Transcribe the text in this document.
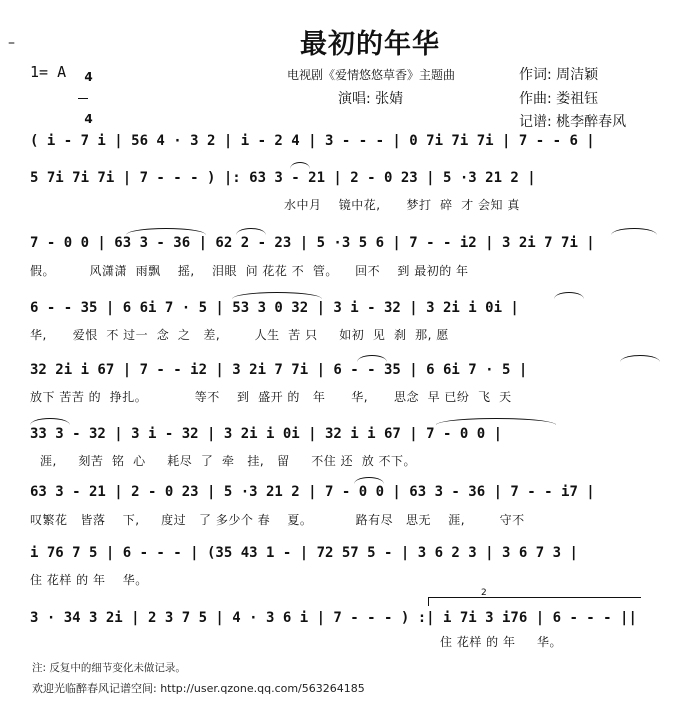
–	最初的年华
1= A	4

4

电视剧《爱情悠悠草香》主题曲	作词: 周洁颖
演唱: 张婧	作曲: 娄祖钰
记谱: 桃李醉春风
( i - 7 i | 56 4 · 3 2 | i - 2 4 | 3 - - - | 0 7i 7i 7i | 7 - - 6 |
5 7i 7i 7i | 7 - - - ) |: 63 3 - 21 | 2 - 0 23 | 5 ·3 21 2 |
水中月    镜中花,      梦打  碎  才 会知 真
7 - 0 0 | 63 3 - 36 | 62 2 - 23 | 5 ·3 5 6 | 7 - - i2 | 3 2i 7 7i |
假。        风潇潇  雨飘    摇,    泪眼  问 花花 不  管。    回不    到 最初的 年
6 - - 35 | 6 6i 7 · 5 | 53 3 0 32 | 3 i - 32 | 3 2i i 0i |
华,      爱恨  不 过一  念  之   差,        人生  苦 只     如初  见  刹  那, 愿
32 2i i 67 | 7 - - i2 | 3 2i 7 7i | 6 - - 35 | 6 6i 7 · 5 |
放下 苦苦 的  挣扎。           等不    到  盛开 的   年      华,      思念  早 已纷  飞  天
33 3 - 32 | 3 i - 32 | 3 2i i 0i | 32 i i 67 | 7 - 0 0 |
涯,     刻苦  铭  心     耗尽  了  牵   挂,   留     不住 还  放 不下。
63 3 - 21 | 2 - 0 23 | 5 ·3 21 2 | 7 - 0 0 | 63 3 - 36 | 7 - - i7 |
叹繁花   皆落    下,     度过   了 多少个 春    夏。          路有尽   思无    涯,        守不
i 76 7 5 | 6 - - - | (35 43 1 - | 72 57 5 - | 3 6 2 3 | 3 6 7 3 |
住 花样 的 年    华。
3 · 34 3 2i | 2 3 7 5 | 4 · 3 6 i | 7 - - - ) :| i 7i 3 i76 | 6 - - - ||
住 花样 的 年     华。
2
注: 反复中的细节变化未做记录。
欢迎光临醉春风记谱空间: http://user.qzone.qq.com/563264185
